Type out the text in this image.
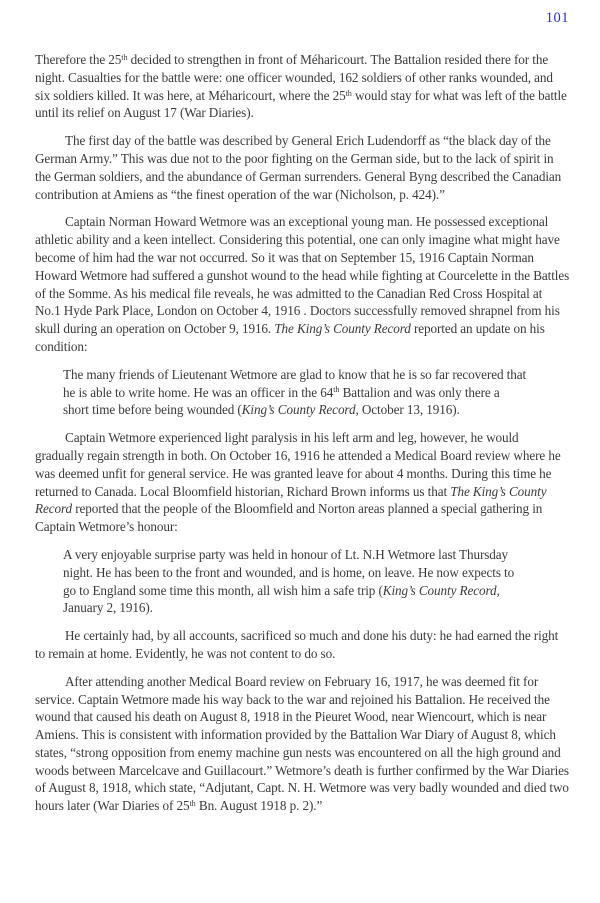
101

Therefore the 25th decided to strengthen in front of Méharicourt. The Battalion resided there for the night. Casualties for the battle were: one officer wounded, 162 soldiers of other ranks wounded, and six soldiers killed. It was here, at Méharicourt, where the 25th would stay for what was left of the battle until its relief on August 17 (War Diaries).

The first day of the battle was described by General Erich Ludendorff as “the black day of the German Army.” This was due not to the poor fighting on the German side, but to the lack of spirit in the German soldiers, and the abundance of German surrenders. General Byng described the Canadian contribution at Amiens as “the finest operation of the war (Nicholson, p. 424).”

Captain Norman Howard Wetmore was an exceptional young man. He possessed exceptional athletic ability and a keen intellect. Considering this potential, one can only imagine what might have become of him had the war not occurred. So it was that on September 15, 1916 Captain Norman Howard Wetmore had suffered a gunshot wound to the head while fighting at Courcelette in the Battles of the Somme. As his medical file reveals, he was admitted to the Canadian Red Cross Hospital at No.1 Hyde Park Place, London on October 4, 1916 . Doctors successfully removed shrapnel from his skull during an operation on October 9, 1916. The King’s County Record reported an update on his condition:

The many friends of Lieutenant Wetmore are glad to know that he is so far recovered that he is able to write home. He was an officer in the 64th Battalion and was only there a short time before being wounded (King’s County Record, October 13, 1916).

Captain Wetmore experienced light paralysis in his left arm and leg, however, he would gradually regain strength in both. On October 16, 1916 he attended a Medical Board review where he was deemed unfit for general service. He was granted leave for about 4 months. During this time he returned to Canada. Local Bloomfield historian, Richard Brown informs us that The King’s County Record reported that the people of the Bloomfield and Norton areas planned a special gathering in Captain Wetmore’s honour:

A very enjoyable surprise party was held in honour of Lt. N.H Wetmore last Thursday night. He has been to the front and wounded, and is home, on leave. He now expects to go to England some time this month, all wish him a safe trip (King’s County Record, January 2, 1916).

He certainly had, by all accounts, sacrificed so much and done his duty: he had earned the right to remain at home. Evidently, he was not content to do so.

After attending another Medical Board review on February 16, 1917, he was deemed fit for service. Captain Wetmore made his way back to the war and rejoined his Battalion. He received the wound that caused his death on August 8, 1918 in the Pieuret Wood, near Wiencourt, which is near Amiens. This is consistent with information provided by the Battalion War Diary of August 8, which states, “strong opposition from enemy machine gun nests was encountered on all the high ground and woods between Marcelcave and Guillacourt.” Wetmore’s death is further confirmed by the War Diaries of August 8, 1918, which state, “Adjutant, Capt. N. H. Wetmore was very badly wounded and died two hours later (War Diaries of 25th Bn. August 1918 p. 2).”
